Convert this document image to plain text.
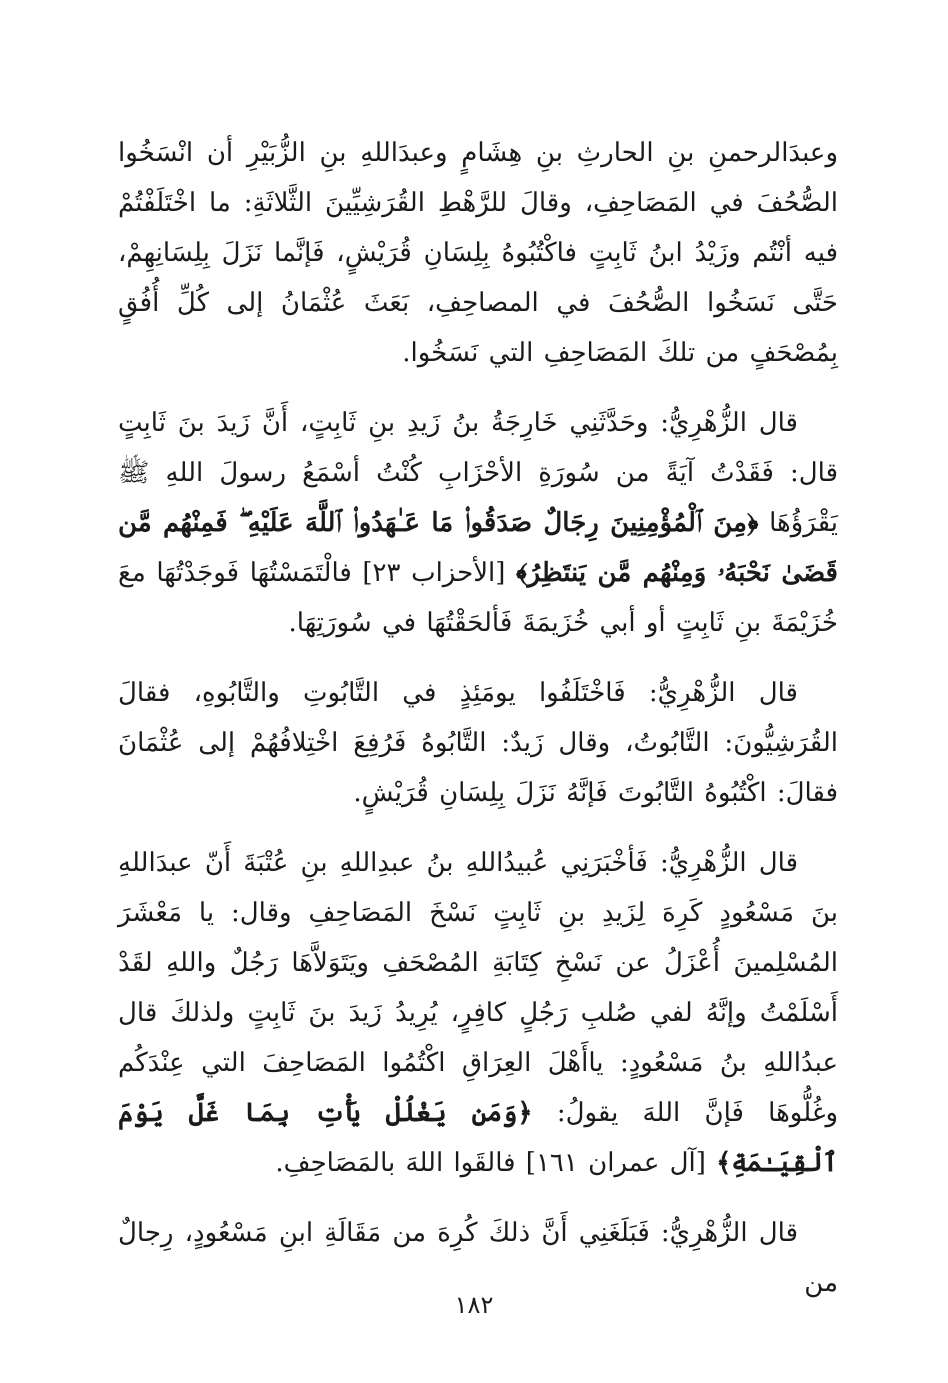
وعبدَالرحمنِ بنِ الحارثِ بنِ هِشَامٍ وعبدَاللهِ بنِ الزُّبَيْرِ أن انْسَخُوا الصُّحُفَ في المَصَاحِفِ، وقالَ للرَّهْطِ القُرَشِيِّينَ الثَّلاثَةِ: ما اخْتَلَفْتُمْ فيه أنْتُم وزَيْدُ ابنُ ثَابِتٍ فاكْتُبُوهُ بِلِسَانِ قُرَيْشٍ، فَإنَّما نَزَلَ بِلِسَانِهِمْ، حَتَّى نَسَخُوا الصُّحُفَ في المصاحِفِ، بَعَثَ عُثْمَانُ إلى كُلِّ أُفُقٍ بِمُصْحَفٍ من تلكَ المَصَاحِفِ التي نَسَخُوا.

قال الزُّهْرِيُّ: وحَدَّثَنِي خَارِجَةُ بنُ زَيدِ بنِ ثَابِتٍ، أَنَّ زَيدَ بنَ ثَابِتٍ قال: فَقَدْتُ آيَةً من سُورَةِ الأحْزَابِ كُنْتُ أسْمَعُ رسولَ اللهِ ﷺ يَقْرَؤُهَا ﴿مِنَ ٱلْمُؤْمِنِينَ رِجَالٌ صَدَقُوا۟ مَا عَـٰهَدُوا۟ ٱللَّهَ عَلَيْهِ ۖ فَمِنْهُم مَّن قَضَىٰ نَحْبَهُۥ وَمِنْهُم مَّن يَنتَظِرُ﴾ [الأحزاب ٢٣] فالْتَمَسْتُهَا فَوجَدْتُهَا معَ خُزَيْمَةَ بنِ ثَابِتٍ أو أبي خُزَيمَةَ فَألحَقْتُهَا في سُورَتِهَا.

قال الزُّهْرِيُّ: فَاخْتَلَفُوا يومَئِذٍ في التَّابُوتِ والتَّابُوهِ، فقالَ القُرَشِيُّونَ: التَّابُوتُ، وقال زَيدٌ: التَّابُوهُ فَرُفِعَ اخْتِلافُهُمْ إلى عُثْمَانَ فقالَ: اكْتُبُوهُ التَّابُوتَ فَإنَّهُ نَزَلَ بِلِسَانِ قُرَيْشٍ.

قال الزُّهْرِيُّ: فَأخْبَرَنِي عُبيدُاللهِ بنُ عبدِاللهِ بنِ عُتْبَةَ أَنّ عبدَاللهِ بنَ مَسْعُودٍ كَرِهَ لِزَيدِ بنِ ثَابِتٍ نَسْخَ المَصَاحِفِ وقال: يا مَعْشَرَ المُسْلِمينَ أُعْزَلُ عن نَسْخِ كِتَابَةِ المُصْحَفِ ويَتَوَلاَّهَا رَجُلٌ واللهِ لقَدْ أَسْلَمْتُ وإنَّهُ لفي صُلبِ رَجُلٍ كافِرٍ، يُرِيدُ زَيدَ بنَ ثَابِتٍ ولذلكَ قال عبدُاللهِ بنُ مَسْعُودٍ: ياأَهْلَ العِرَاقِ اكْتُمُوا المَصَاحِفَ التي عِنْدَكُم وغُلُّوهَا فَإنَّ اللهَ يقولُ: ﴿وَمَن يَغْلُلْ يَأْتِ بِمَا غَلَّ يَوْمَ ٱلْقِيَـٰمَةِ﴾ [آل عمران ١٦١] فالقَوا اللهَ بالمَصَاحِفِ.

قال الزُّهْرِيُّ: فَبَلَغَنِي أَنَّ ذلكَ كُرِهَ من مَقَالَةِ ابنِ مَسْعُودٍ، رِجالٌ من

١٨٢
